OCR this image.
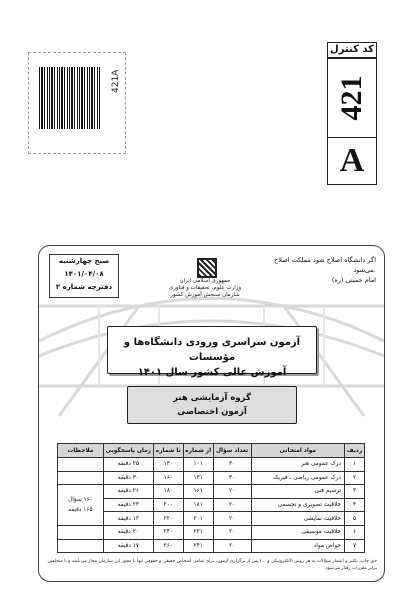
421A
کد کنترل
421
A
صبح چهارشنبه
۱۴۰۱/۰۴/۰۸
دفترچه شماره ۲
اگر دانشگاه اصلاح شود مملکت اصلاح می‌شود.
امام خمینی (ره)
جمهوری اسلامی ایران
وزارت علوم، تحقیقات و فناوری
سازمان سنجش آموزش کشور
آزمون سراسری ورودی دانشگاه‌ها و مؤسسات
آموزش عالی کشور سال ۱۴۰۱
گروه آزمایشی هنر
آزمون اختصاصی
ردیف	مواد امتحانی	تعداد سؤال	از شماره	تا شماره	زمان پاسخگویی	ملاحظات
۱	درک عمومی هنر	۳۰	۱۰۱	۱۳۰	۲۵ دقیقه	
۲	درک عمومی ریاضی ـ فیزیک	۳۰	۱۳۱	۱۶۰	۳۰ دقیقه	
۳	ترسیم فنی	۲۰	۱۶۱	۱۸۰	۲۶ دقیقه	۱۶۰ سؤال
۱۶۵ دقیقه

۴	خلاقیت تصویری و تجسمی	۲۰	۱۸۱	۲۰۰	۲۳ دقیقه	
۵	خلاقیت نمایشی	۲۰	۲۰۱	۲۲۰	۱۳ دقیقه	
۶	خلاقیت موسیقی	۲۰	۲۲۱	۲۴۰	۲۰ دقیقه	
۷	خواص مواد	۲۰	۲۴۱	۲۶۰	۱۷ دقیقه	
حق چاپ، تکثیر و انتشار سؤالات به هر روش (الکترونیکی و ...) پس از برگزاری آزمون، برای تمامی اشخاص حقیقی و حقوقی تنها با مجوز این سازمان مجاز می‌باشد و با متخلفین برابر مقررات رفتار می‌شود.
